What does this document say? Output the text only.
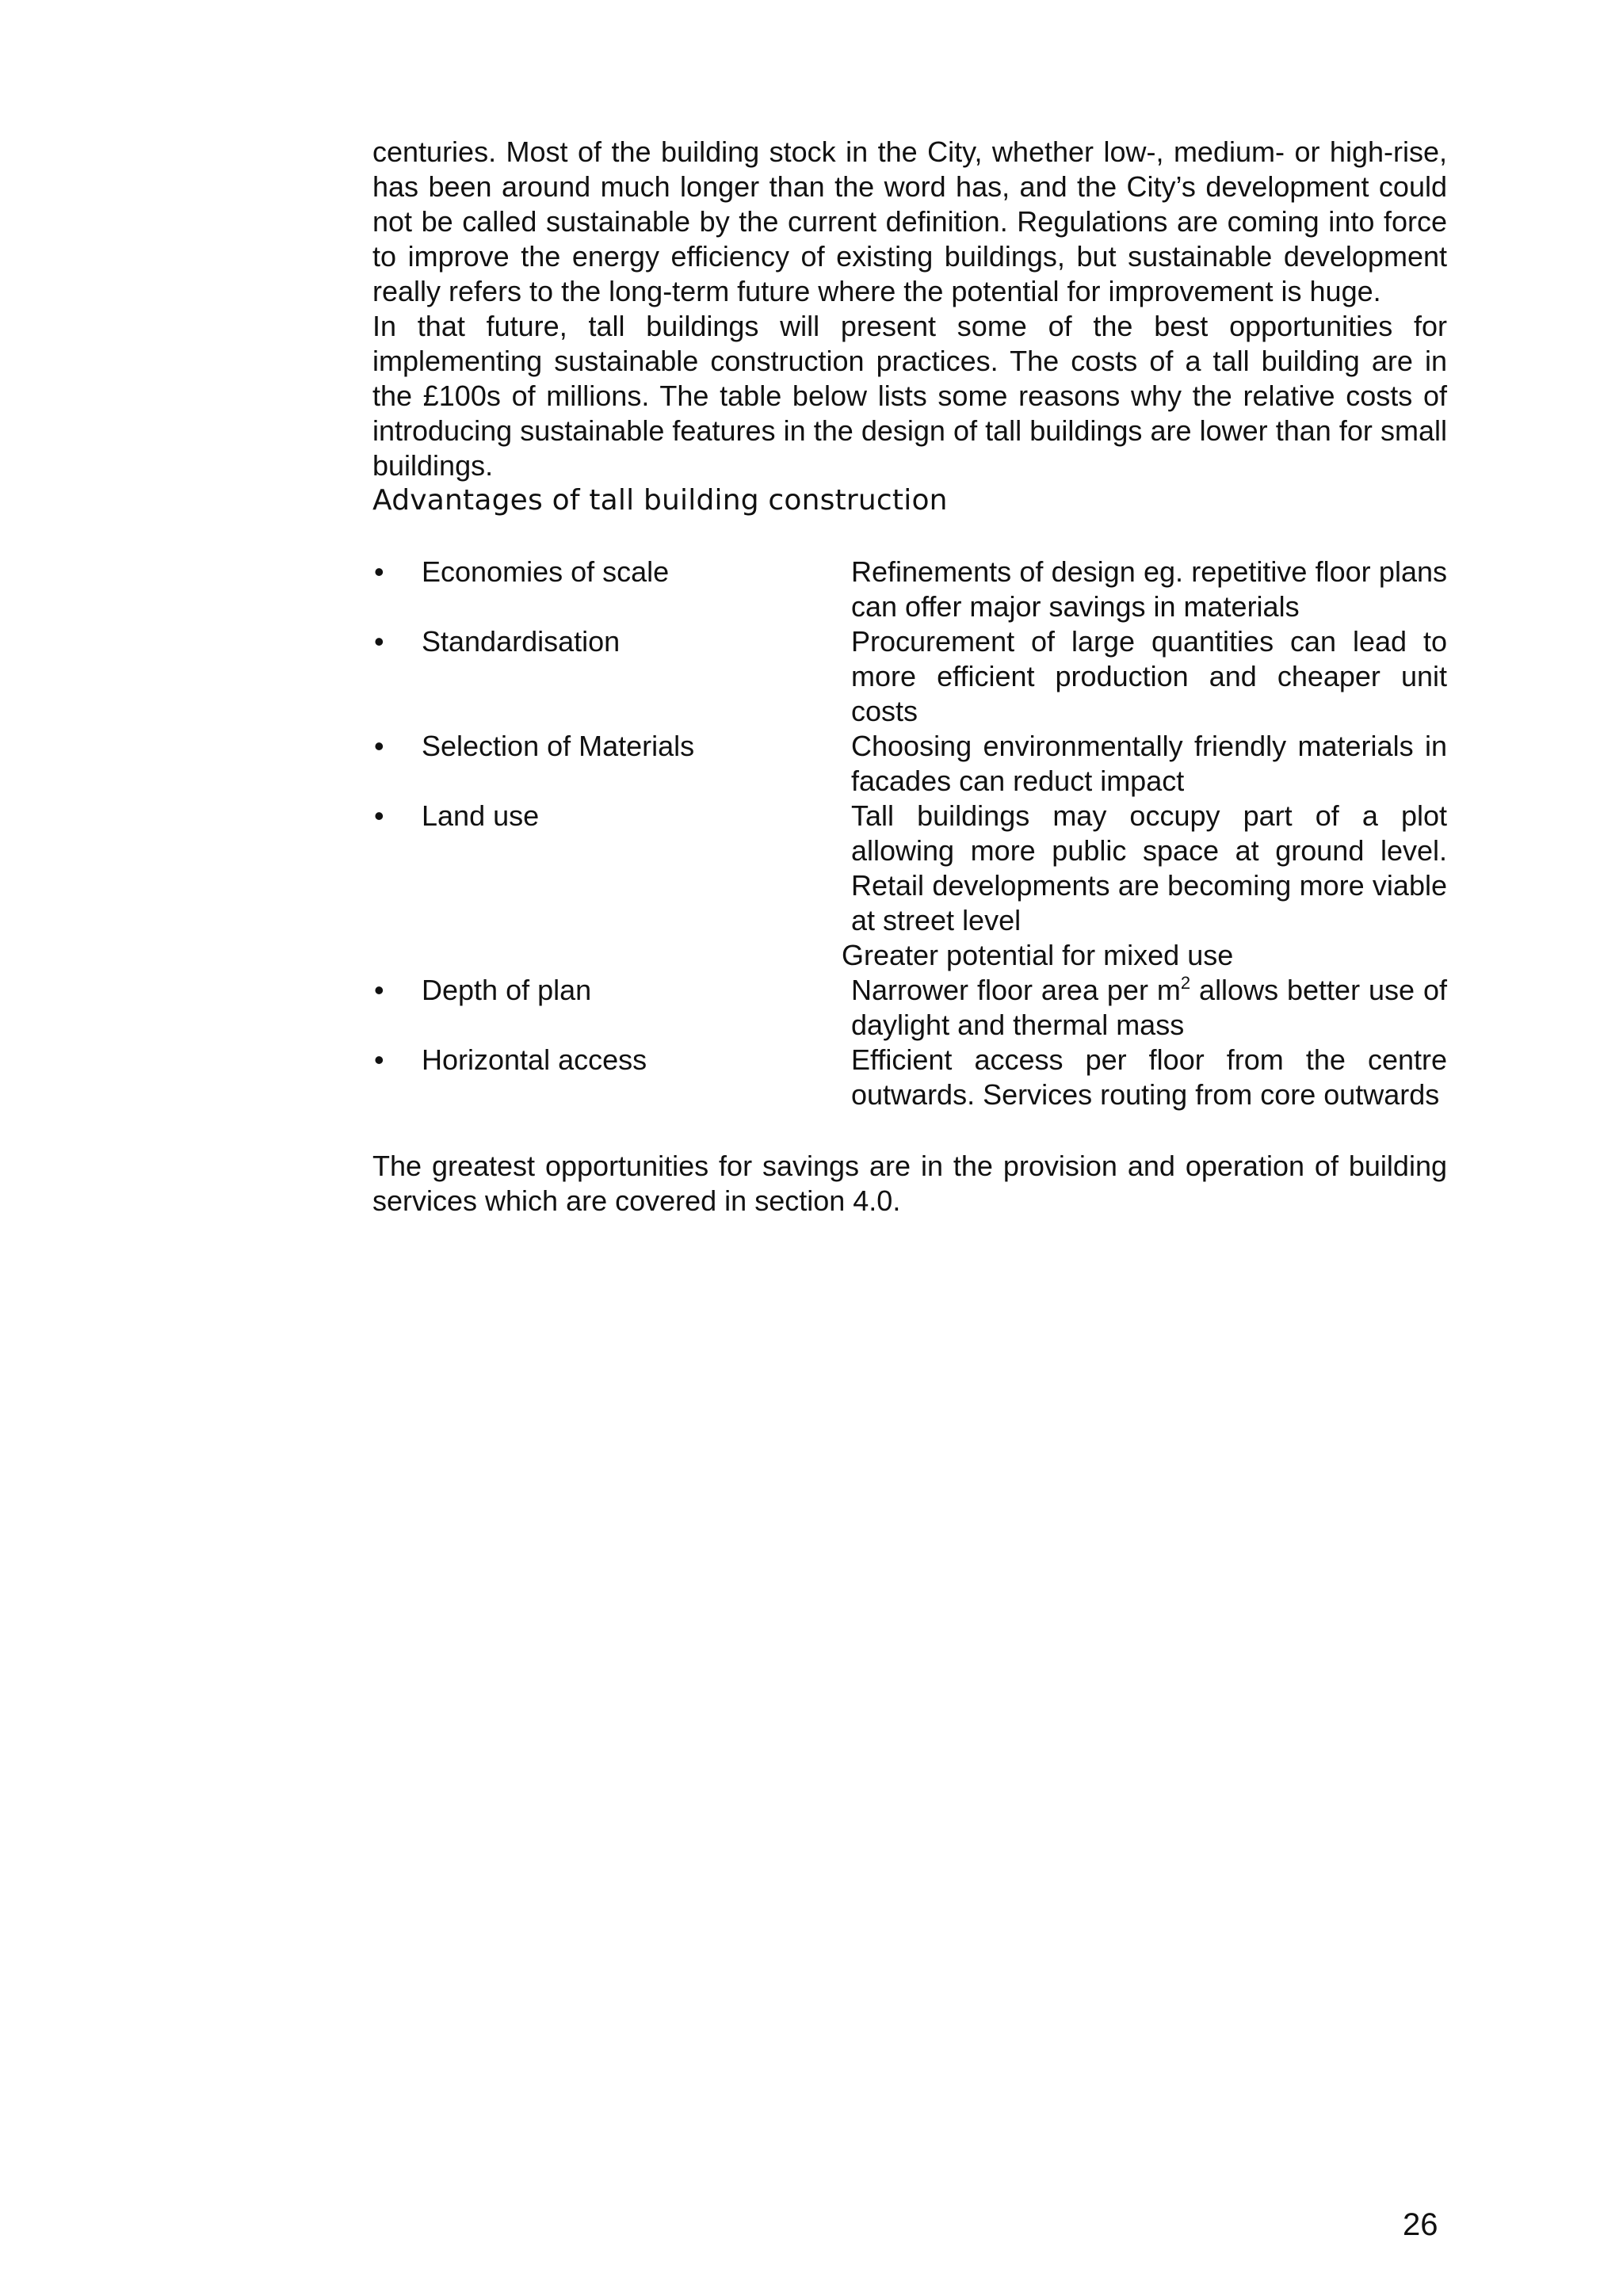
centuries. Most of the building stock in the City, whether low-, medium- or high-rise, has been around much longer than the word has, and the City’s development could not be called sustainable by the current definition. Regulations are coming into force to improve the energy efficiency of existing buildings, but sustainable development really refers to the long-term future where the potential for improvement is huge.

In that future, tall buildings will present some of the best opportunities for implementing sustainable construction practices. The costs of a tall building are in the £100s of millions. The table below lists some reasons why the relative costs of introducing sustainable features in the design of tall buildings are lower than for small buildings.

Advantages of tall building construction
•
Economies of scale	Refinements of design eg. repetitive floor plans can offer major savings in materials
•
Standardisation	Procurement of large quantities can lead to more efficient production and cheaper unit costs
•
Selection of Materials	Choosing environmentally friendly materials in facades can reduct impact
•
Land use	Tall buildings may occupy part of a plot allowing more public space at ground level. Retail developments are becoming more viable at street level
Greater potential for mixed use
•
Depth of plan	Narrower floor area per $m^2$ allows better use of daylight and thermal mass
•
Horizontal access	Efficient access per floor from the centre outwards. Services routing from core outwards

The greatest opportunities for savings are in the provision and operation of building services which are covered in section 4.0.

26
